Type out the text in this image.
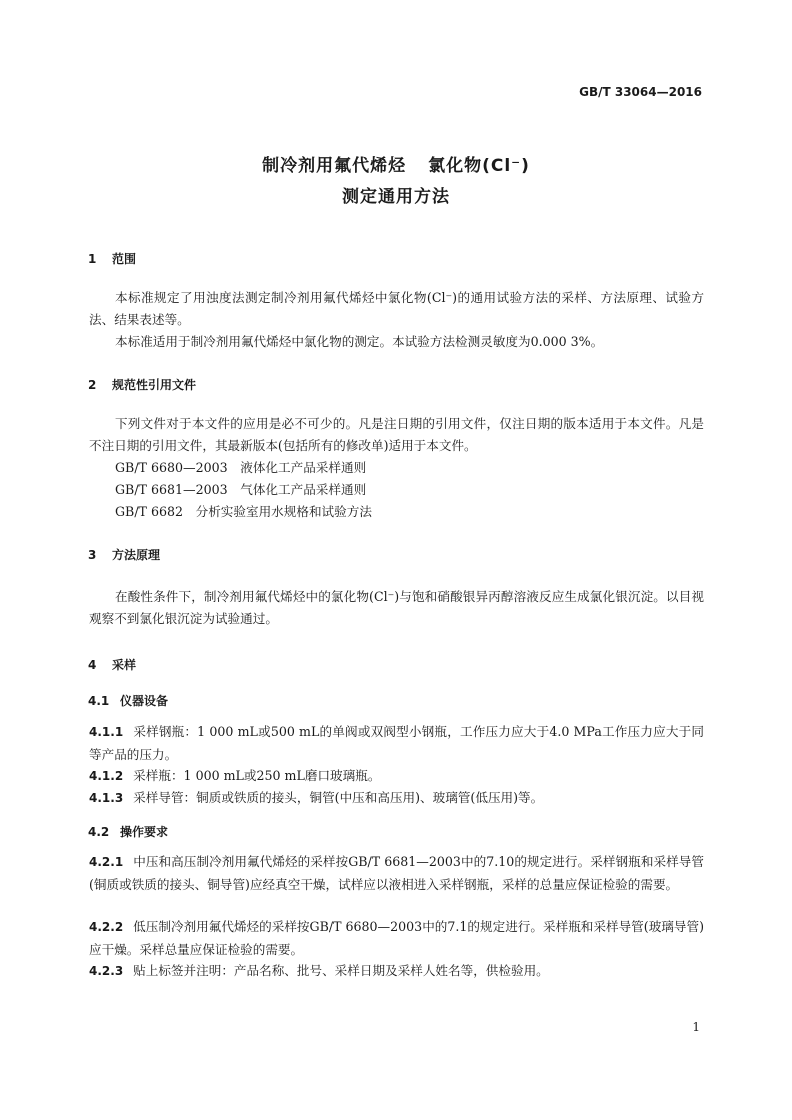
GB/T 33064—2016
制冷剂用氟代烯烃 氯化物(Cl⁻)
测定通用方法
1 范围
本标准规定了用浊度法测定制冷剂用氟代烯烃中氯化物(Cl⁻)的通用试验方法的采样、方法原理、试验方法、结果表述等。
本标准适用于制冷剂用氟代烯烃中氯化物的测定。本试验方法检测灵敏度为0.000 3%。
2 规范性引用文件
下列文件对于本文件的应用是必不可少的。凡是注日期的引用文件，仅注日期的版本适用于本文件。凡是不注日期的引用文件，其最新版本(包括所有的修改单)适用于本文件。
GB/T 6680—2003　液体化工产品采样通则
GB/T 6681—2003　气体化工产品采样通则
GB/T 6682　分析实验室用水规格和试验方法
3 方法原理
在酸性条件下，制冷剂用氟代烯烃中的氯化物(Cl⁻)与饱和硝酸银异丙醇溶液反应生成氯化银沉淀。以目视观察不到氯化银沉淀为试验通过。
4 采样
4.1 仪器设备
4.1.1 采样钢瓶：1 000 mL或500 mL的单阀或双阀型小钢瓶，工作压力应大于4.0 MPa工作压力应大于同等产品的压力。
4.1.2 采样瓶：1 000 mL或250 mL磨口玻璃瓶。
4.1.3 采样导管：铜质或铁质的接头，铜管(中压和高压用)、玻璃管(低压用)等。
4.2 操作要求
4.2.1 中压和高压制冷剂用氟代烯烃的采样按GB/T 6681—2003中的7.10的规定进行。采样钢瓶和采样导管(铜质或铁质的接头、铜导管)应经真空干燥，试样应以液相进入采样钢瓶，采样的总量应保证检验的需要。
4.2.2 低压制冷剂用氟代烯烃的采样按GB/T 6680—2003中的7.1的规定进行。采样瓶和采样导管(玻璃导管)应干燥。采样总量应保证检验的需要。
4.2.3 贴上标签并注明：产品名称、批号、采样日期及采样人姓名等，供检验用。
1
